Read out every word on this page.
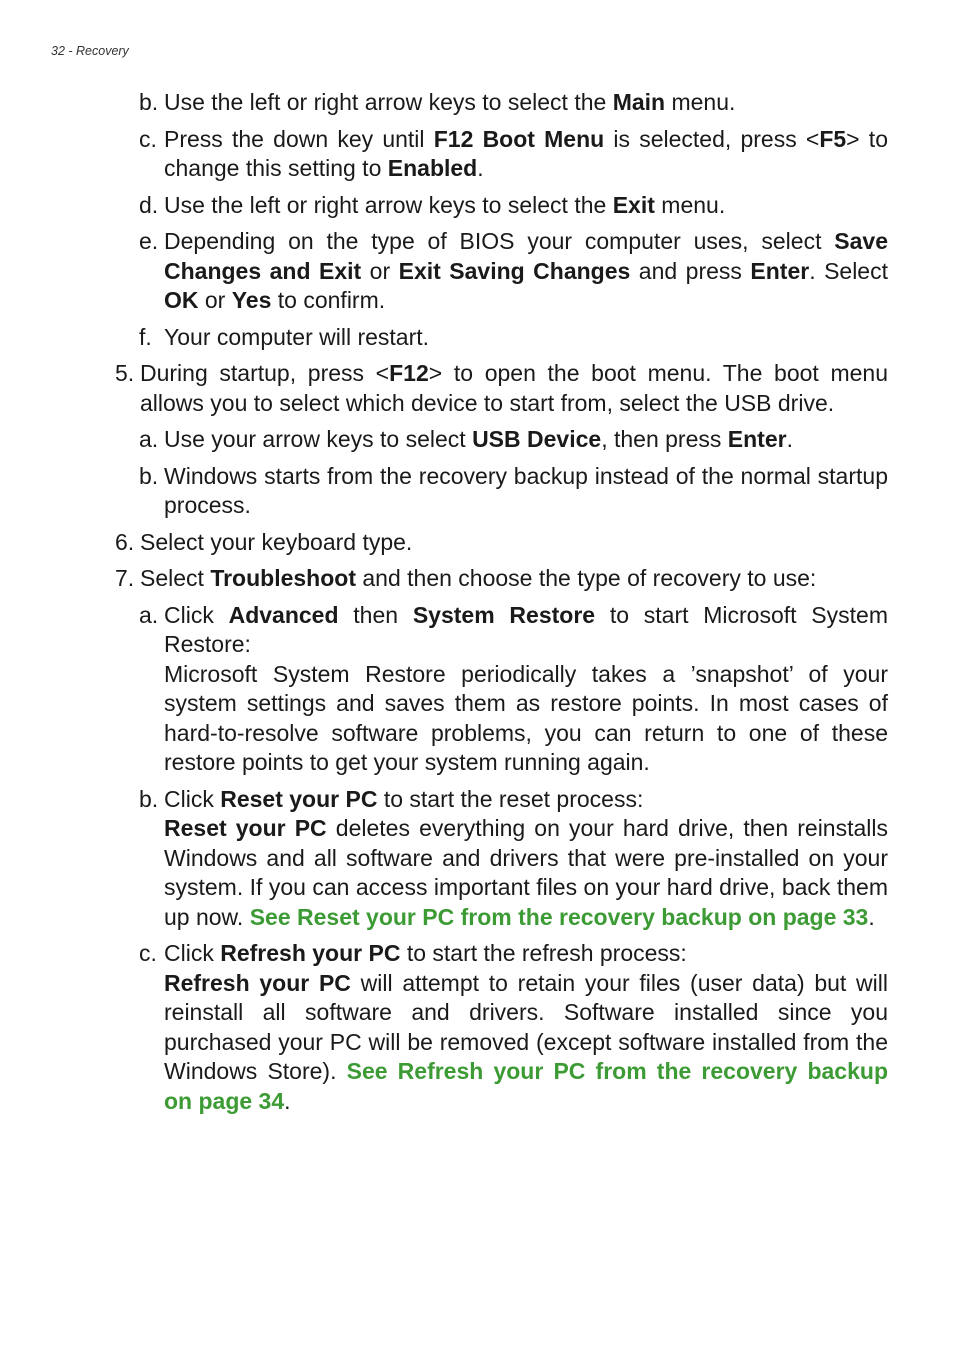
32 - Recovery
b. Use the left or right arrow keys to select the Main menu.

c. Press the down key until F12 Boot Menu is selected, press <F5> to change this setting to Enabled.

d. Use the left or right arrow keys to select the Exit menu.

e. Depending on the type of BIOS your computer uses, select Save Changes and Exit or Exit Saving Changes and press Enter. Select OK or Yes to confirm.

f. Your computer will restart.

5. During startup, press <F12> to open the boot menu. The boot menu allows you to select which device to start from, select the USB drive.

a. Use your arrow keys to select USB Device, then press Enter.

b. Windows starts from the recovery backup instead of the normal startup process.

6. Select your keyboard type.

7. Select Troubleshoot and then choose the type of recovery to use:

a. Click Advanced then System Restore to start Microsoft System Restore:

Microsoft System Restore periodically takes a ’snapshot’ of your system settings and saves them as restore points. In most cases of hard-to-resolve software problems, you can return to one of these restore points to get your system running again.

b. Click Reset your PC to start the reset process:

Reset your PC deletes everything on your hard drive, then reinstalls Windows and all software and drivers that were pre-installed on your system. If you can access important files on your hard drive, back them up now. See Reset your PC from the recovery backup on page 33.

c. Click Refresh your PC to start the refresh process:

Refresh your PC will attempt to retain your files (user data) but will reinstall all software and drivers. Software installed since you purchased your PC will be removed (except software installed from the Windows Store). See Refresh your PC from the recovery backup on page 34.
